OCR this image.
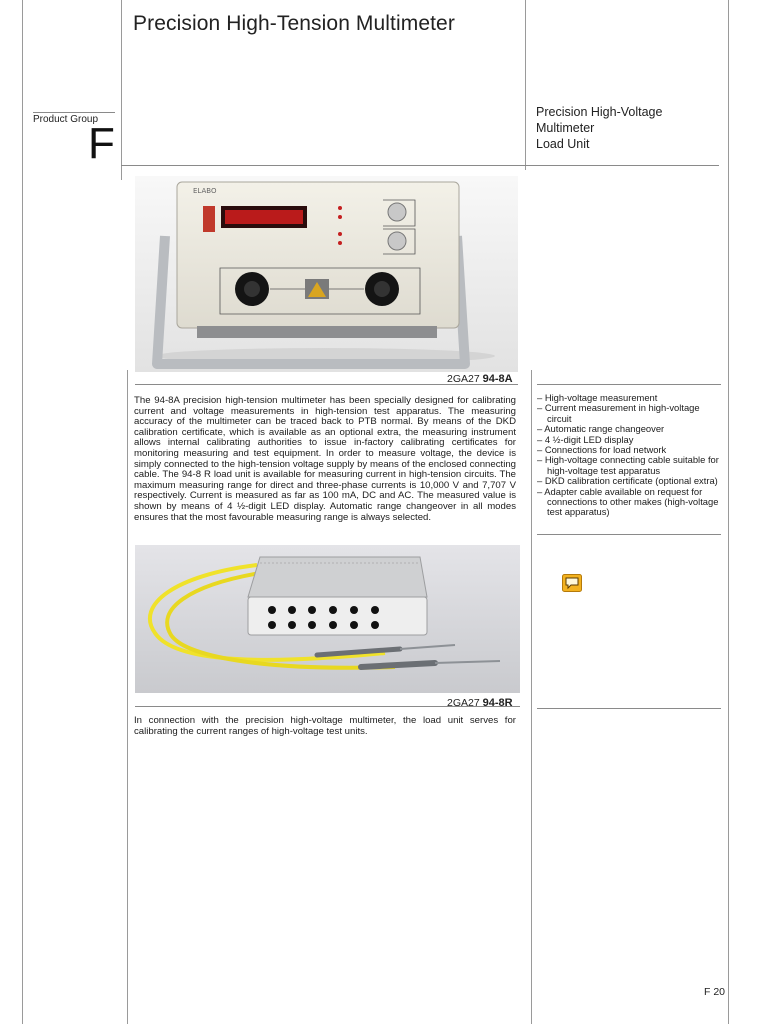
Precision High-Tension Multimeter
Product Group
F
Precision High-Voltage
Multimeter
Load Unit
ELABO
2GA27 94-8A
The 94-8A precision high-tension multimeter has been specially designed for calibrating current and voltage measurements in high-tension test apparatus. The measuring accuracy of the multimeter can be traced back to PTB normal. By means of the DKD calibration certificate, which is available as an optional extra, the measuring instrument allows internal calibrating authorities to issue in-factory calibrating certificates for monitoring measuring and test equipment. In order to measure voltage, the device is simply connected to the high-tension voltage supply by means of the enclosed connecting cable. The 94-8 R load unit is available for measuring current in high-tension circuits. The maximum measuring range for direct and three-phase currents is 10,000 V and 7,707 V respectively. Current is measured as far as 100 mA, DC and AC. The measured value is shown by means of 4 ½-digit LED display. Automatic range changeover in all modes ensures that the most favourable measuring range is always selected.
– High-voltage measurement
– Current measurement in high-voltage circuit
– Automatic range changeover
– 4 ½-digit LED display
– Connections for load network
– High-voltage connecting cable suitable for high-voltage test apparatus
– DKD calibration certificate (optional extra)
– Adapter cable available on request for connections to other makes (high-voltage test apparatus)
2GA27 94-8R
In connection with the precision high-voltage multimeter, the load unit serves for calibrating the current ranges of high-voltage test units.
F 20
